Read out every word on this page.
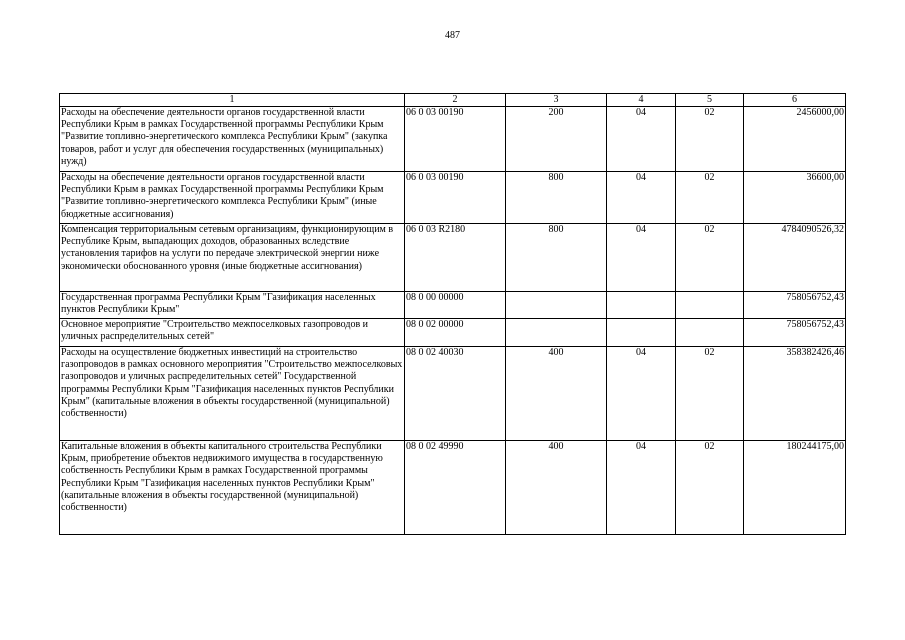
487
1	2	3	4	5	6
Расходы на обеспечение деятельности органов государственной власти Республики Крым в рамках Государственной программы Республики Крым "Развитие топливно-энергетического комплекса Республики Крым" (закупка товаров, работ и услуг для обеспечения государственных (муниципальных) нужд)	06 0 03 00190	200	04	02	2456000,00
Расходы на обеспечение деятельности органов государственной власти Республики Крым в рамках Государственной программы Республики Крым "Развитие топливно-энергетического комплекса Республики Крым" (иные бюджетные ассигнования)	06 0 03 00190	800	04	02	36600,00
Компенсация территориальным сетевым организациям, функционирующим в Республике Крым, выпадающих доходов, образованных вследствие установления тарифов на услуги по передаче электрической энергии ниже экономически обоснованного уровня (иные бюджетные ассигнования)	06 0 03 R2180	800	04	02	4784090526,32
Государственная программа Республики Крым "Газификация населенных пунктов Республики Крым"	08 0 00 00000				758056752,43
Основное мероприятие "Строительство межпоселковых газопроводов и уличных распределительных сетей"	08 0 02 00000				758056752,43
Расходы на осуществление бюджетных инвестиций на строительство газопроводов в рамках основного мероприятия "Строительство межпоселковых газопроводов и уличных распределительных сетей" Государственной программы Республики Крым "Газификация населенных пунктов Республики Крым" (капитальные вложения в объекты государственной (муниципальной) собственности)	08 0 02 40030	400	04	02	358382426,46
Капитальные вложения в объекты капитального строительства Республики Крым, приобретение объектов недвижимого имущества в государственную собственность Республики Крым в рамках Государственной программы Республики Крым "Газификация населенных пунктов Республики Крым" (капитальные вложения в объекты государственной (муниципальной) собственности)	08 0 02 49990	400	04	02	180244175,00
